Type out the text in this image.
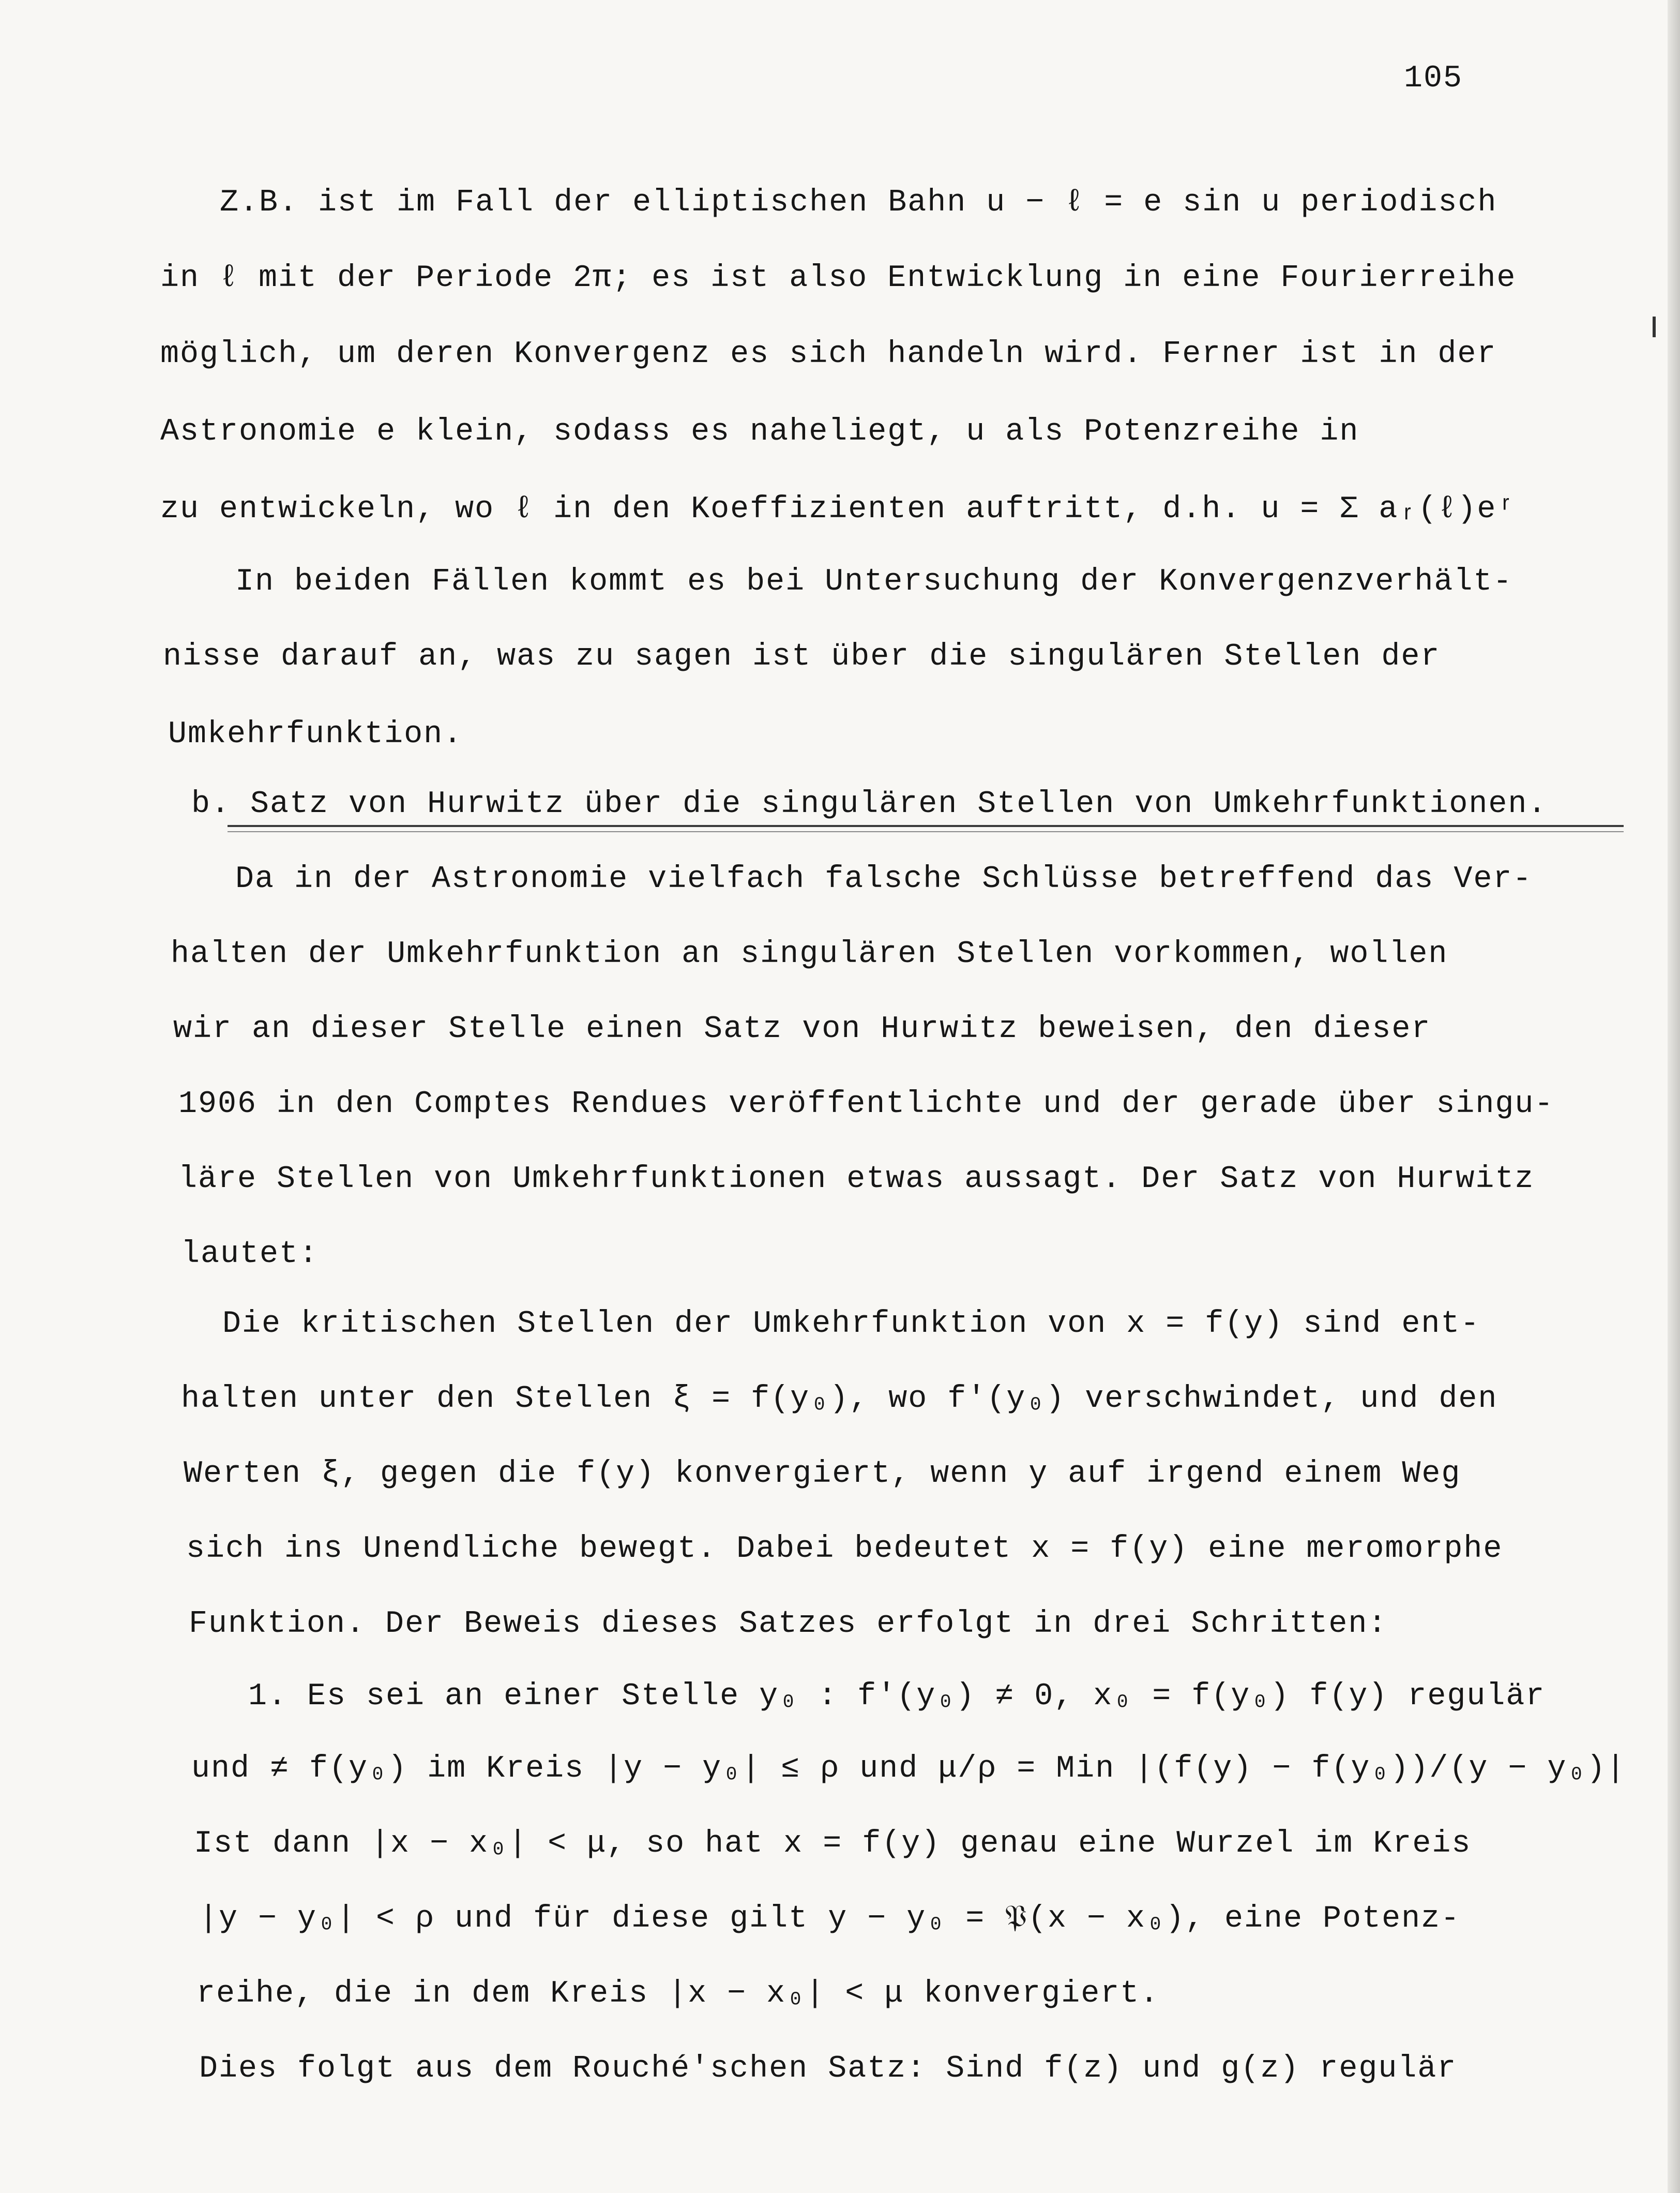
105
Z.B. ist im Fall der elliptischen Bahn u − ℓ = e sin u periodisch
in ℓ mit der Periode 2π; es ist also Entwicklung in eine Fourierreihe
möglich, um deren Konvergenz es sich handeln wird. Ferner ist in der
Astronomie e klein, sodass es naheliegt, u als Potenzreihe in
zu entwickeln, wo ℓ in den Koeffizienten auftritt, d.h. u = Σ aᵣ(ℓ)eʳ
In beiden Fällen kommt es bei Untersuchung der Konvergenzverhält-
nisse darauf an, was zu sagen ist über die singulären Stellen der
Umkehrfunktion.
b. Satz von Hurwitz über die singulären Stellen von Umkehrfunktionen.
Da in der Astronomie vielfach falsche Schlüsse betreffend das Ver-
halten der Umkehrfunktion an singulären Stellen vorkommen, wollen
wir an dieser Stelle einen Satz von Hurwitz beweisen, den dieser
1906 in den Comptes Rendues veröffentlichte und der gerade über singu-
läre Stellen von Umkehrfunktionen etwas aussagt. Der Satz von Hurwitz
lautet:
Die kritischen Stellen der Umkehrfunktion von x = f(y) sind ent-
halten unter den Stellen ξ = f(y₀), wo f′(y₀) verschwindet, und den
Werten ξ, gegen die f(y) konvergiert, wenn y auf irgend einem Weg
sich ins Unendliche bewegt. Dabei bedeutet x = f(y) eine meromorphe
Funktion. Der Beweis dieses Satzes erfolgt in drei Schritten:
1. Es sei an einer Stelle y₀ : f′(y₀) ≠ 0, x₀ = f(y₀) f(y) regulär
und ≠ f(y₀) im Kreis |y − y₀| ≤ ρ und μ/ρ = Min |(f(y) − f(y₀))/(y − y₀)|
Ist dann |x − x₀| < μ, so hat x = f(y) genau eine Wurzel im Kreis
|y − y₀| < ρ und für diese gilt y − y₀ = 𝔓(x − x₀), eine Potenz-
reihe, die in dem Kreis |x − x₀| < μ konvergiert.
Dies folgt aus dem Rouché'schen Satz: Sind f(z) und g(z) regulär
